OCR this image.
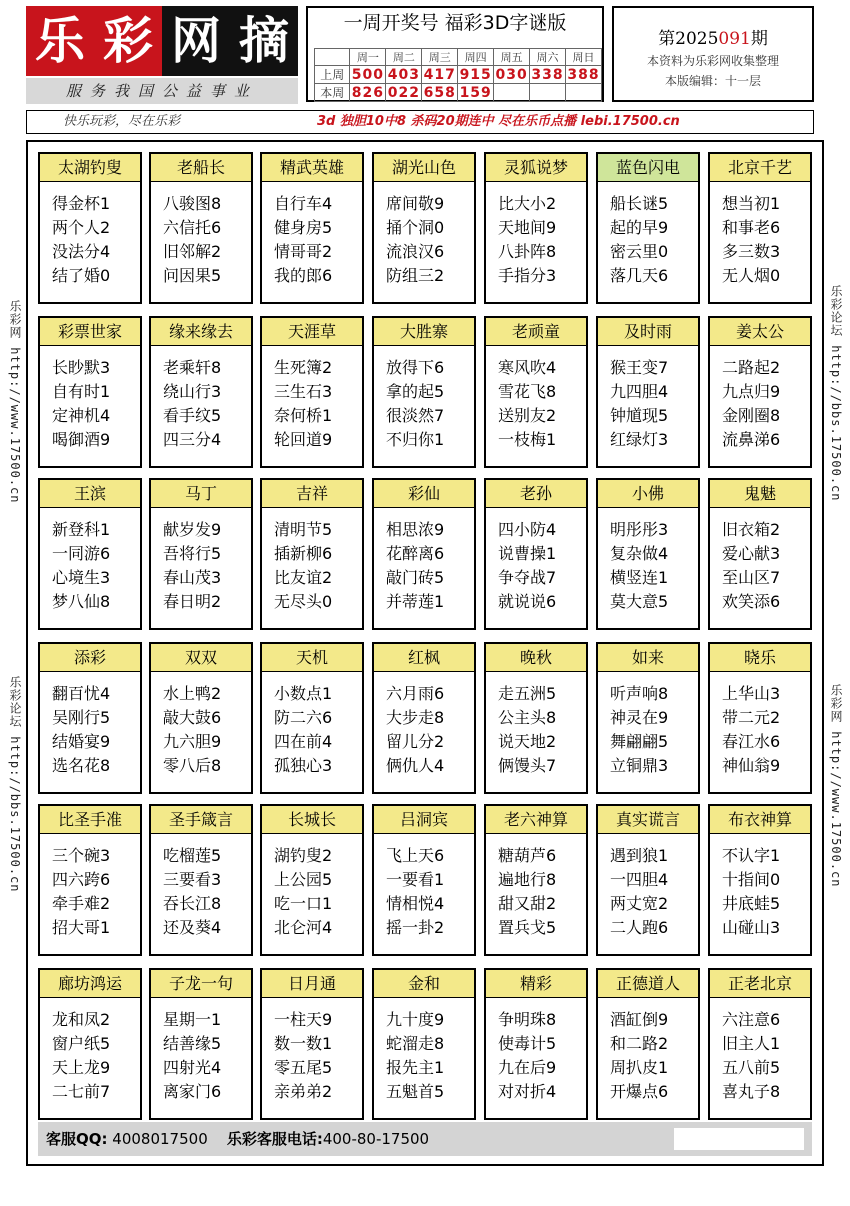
乐 彩 网 摘
服务我国公益事业
一周开奖号 福彩3D字谜版
	周一	周二	周三	周四	周五	周六	周日
上周	500	403	417	915	030	338	388
本周	826	022	658	159			
第2025091期
本资料为乐彩网收集整理
本版编辑：十一层
快乐玩彩，尽在乐彩	3d 独胆10中8 杀码20期连中 尽在乐币点播 lebi.17500.cn
乐彩网 http://www.17500.cn
乐彩论坛 http://bbs.17500.cn
乐彩论坛 http://bbs.17500.cn
乐彩网 http://www.17500.cn
客服QQ: 4008017500 乐彩客服电话:400-80-17500
太湖钓叟
得金杯1
两个人2
没法分4
结了婚0
老船长
八骏图8
六信托6
旧邻解2
问因果5
精武英雄
自行车4
健身房5
情哥哥2
我的郎6
湖光山色
席间敬9
捅个洞0
流浪汉6
防组三2
灵狐说梦
比大小2
天地间9
八卦阵8
手指分3
蓝色闪电
船长谜5
起的早9
密云里0
落几天6
北京千艺
想当初1
和事老6
多三数3
无人烟0
彩票世家
长眇默3
自有时1
定神机4
喝御酒9
缘来缘去
老乘轩8
绕山行3
看手纹5
四三分4
天涯草
生死簿2
三生石3
奈何桥1
轮回道9
大胜寨
放得下6
拿的起5
很淡然7
不归你1
老顽童
寒风吹4
雪花飞8
送别友2
一枝梅1
及时雨
猴王变7
九四胆4
钟馗现5
红绿灯3
姜太公
二路起2
九点归9
金刚圈8
流鼻涕6
王滨
新登科1
一同游6
心境生3
梦八仙8
马丁
献岁发9
吾将行5
春山茂3
春日明2
吉祥
清明节5
插新柳6
比友谊2
无尽头0
彩仙
相思浓9
花醉离6
敲门砖5
并蒂莲1
老孙
四小防4
说曹操1
争夺战7
就说说6
小佛
明彤彤3
复杂做4
横竖连1
莫大意5
鬼魅
旧衣箱2
爱心献3
至山区7
欢笑添6
添彩
翻百忧4
吴刚行5
结婚宴9
选名花8
双双
水上鸭2
敲大鼓6
九六胆9
零八后8
天机
小数点1
防二六6
四在前4
孤独心3
红枫
六月雨6
大步走8
留儿分2
俩仇人4
晚秋
走五洲5
公主头8
说天地2
俩馒头7
如来
听声响8
神灵在9
舞翩翩5
立铜鼎3
晓乐
上华山3
带二元2
春江水6
神仙翁9
比圣手准
三个碗3
四六跨6
牵手难2
招大哥1
圣手箴言
吃榴莲5
三要看3
吞长江8
还及葵4
长城长
湖钓叟2
上公园5
吃一口1
北仑河4
吕洞宾
飞上天6
一要看1
情相悦4
摇一卦2
老六神算
糖葫芦6
遍地行8
甜又甜2
置兵戈5
真实谎言
遇到狼1
一四胆4
两丈宽2
二人跑6
布衣神算
不认字1
十指间0
井底蛙5
山碰山3
廊坊鸿运
龙和凤2
窗户纸5
天上龙9
二七前7
子龙一句
星期一1
结善缘5
四射光4
离家门6
日月通
一柱天9
数一数1
零五尾5
亲弟弟2
金和
九十度9
蛇溜走8
报先主1
五魁首5
精彩
争明珠8
使毒计5
九在后9
对对折4
正德道人
酒缸倒9
和二路2
周扒皮1
开爆点6
正老北京
六注意6
旧主人1
五八前5
喜丸子8
